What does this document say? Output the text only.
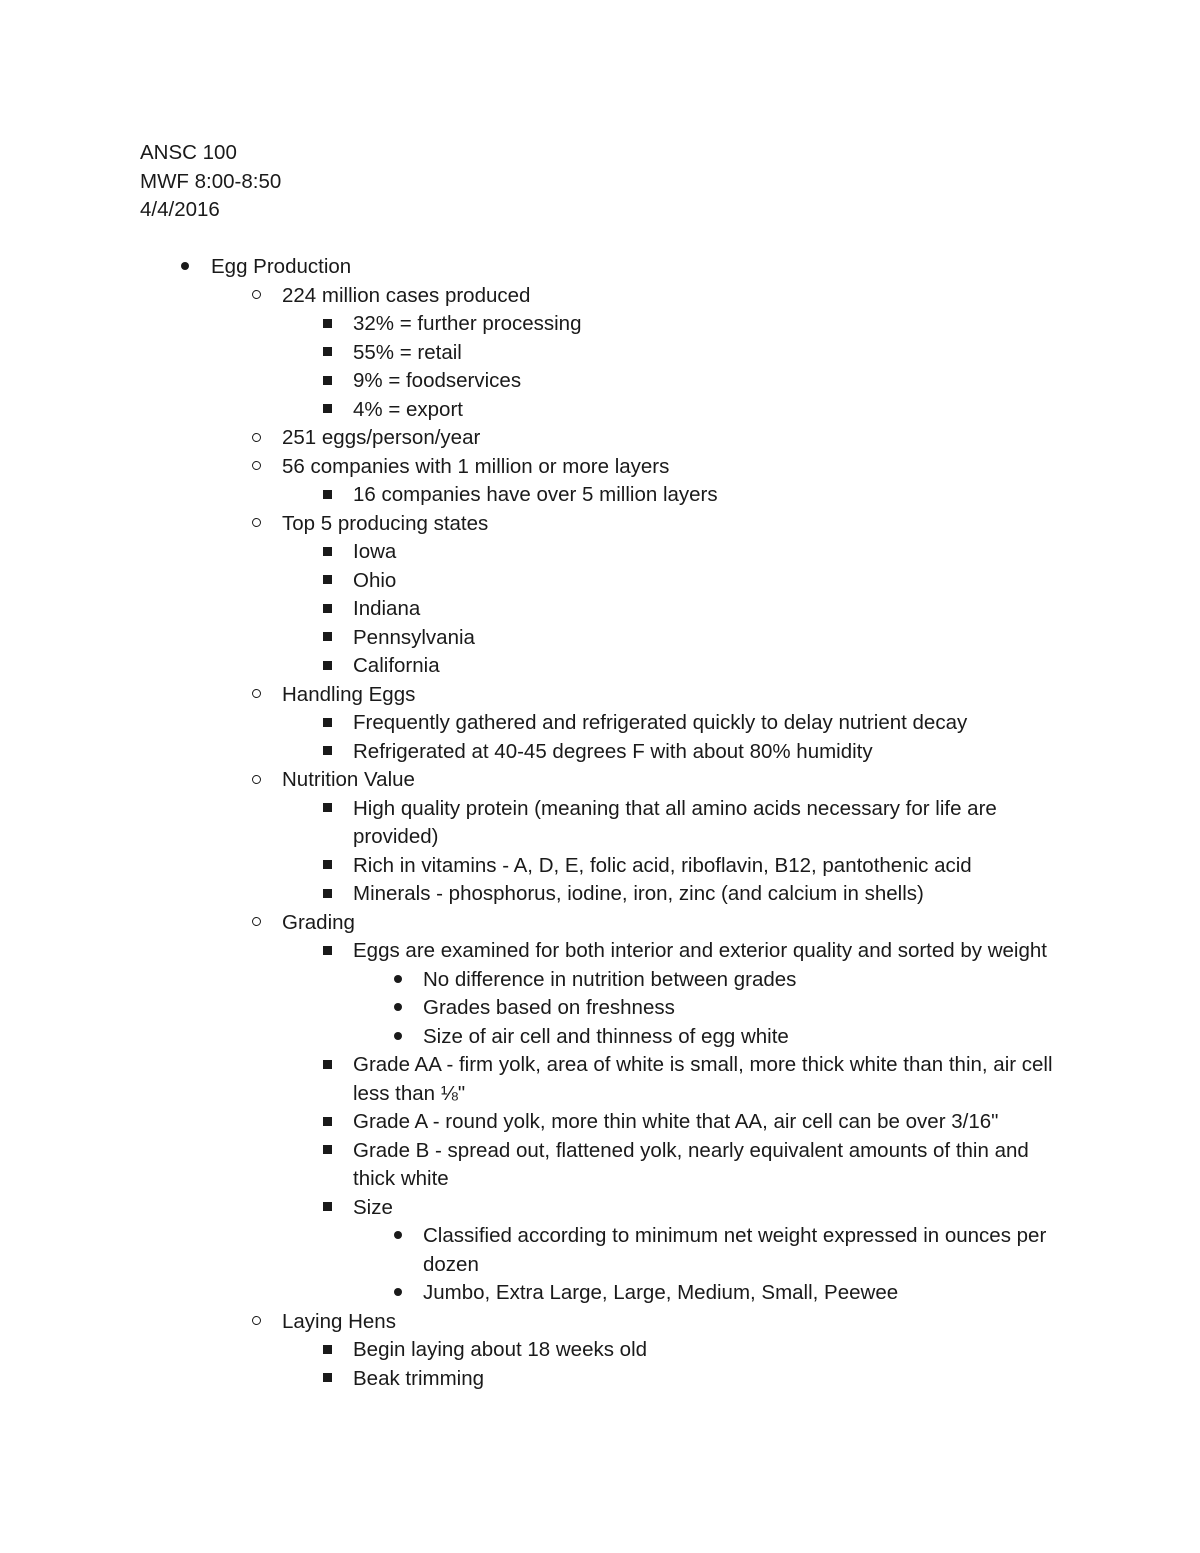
ANSC 100
MWF 8:00-8:50
4/4/2016
Egg Production
224 million cases produced
32% = further processing
55% = retail
9% = foodservices
4% = export
251 eggs/person/year
56 companies with 1 million or more layers
16 companies have over 5 million layers
Top 5 producing states
Iowa
Ohio
Indiana
Pennsylvania
California
Handling Eggs
Frequently gathered and refrigerated quickly to delay nutrient decay
Refrigerated at 40-45 degrees F with about 80% humidity
Nutrition Value
High quality protein (meaning that all amino acids necessary for life are provided)
Rich in vitamins - A, D, E, folic acid, riboflavin, B12, pantothenic acid
Minerals - phosphorus, iodine, iron, zinc (and calcium in shells)
Grading
Eggs are examined for both interior and exterior quality and sorted by weight
No difference in nutrition between grades
Grades based on freshness
Size of air cell and thinness of egg white
Grade AA - firm yolk, area of white is small, more thick white than thin, air cell less than ⅛"
Grade A - round yolk, more thin white that AA, air cell can be over 3/16"
Grade B - spread out, flattened yolk, nearly equivalent amounts of thin and thick white
Size
Classified according to minimum net weight expressed in ounces per dozen
Jumbo, Extra Large, Large, Medium, Small, Peewee
Laying Hens
Begin laying about 18 weeks old
Beak trimming
